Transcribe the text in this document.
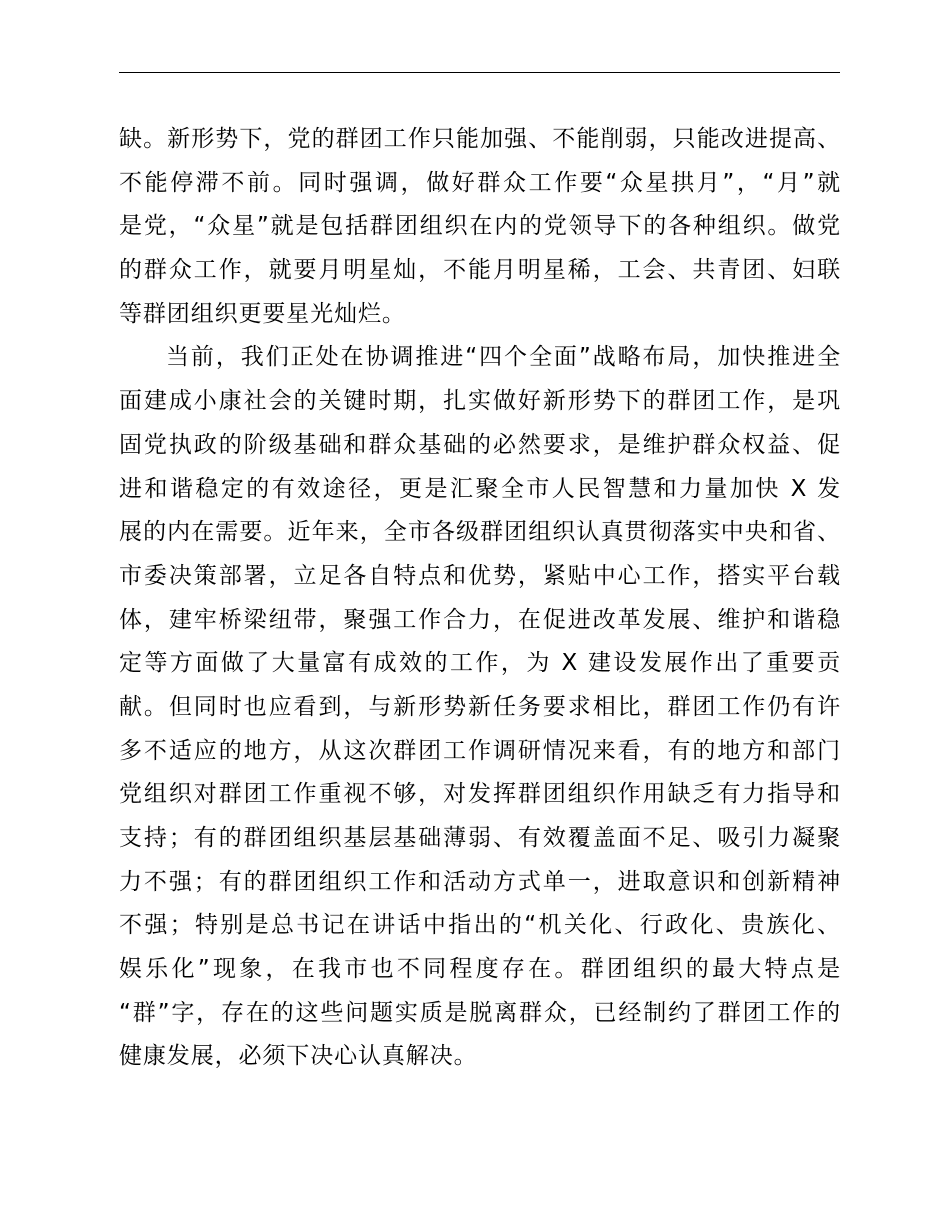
缺。新形势下，党的群团工作只能加强、不能削弱，只能改进提高、
不能停滞不前。同时强调，做好群众工作要“众星拱月”，“月”就
是党，“众星”就是包括群团组织在内的党领导下的各种组织。做党
的群众工作，就要月明星灿，不能月明星稀，工会、共青团、妇联
等群团组织更要星光灿烂。
当前，我们正处在协调推进“四个全面”战略布局，加快推进全
面建成小康社会的关键时期，扎实做好新形势下的群团工作，是巩
固党执政的阶级基础和群众基础的必然要求，是维护群众权益、促
进和谐稳定的有效途径，更是汇聚全市人民智慧和力量加快 X 发
展的内在需要。近年来，全市各级群团组织认真贯彻落实中央和省、
市委决策部署，立足各自特点和优势，紧贴中心工作，搭实平台载
体，建牢桥梁纽带，聚强工作合力，在促进改革发展、维护和谐稳
定等方面做了大量富有成效的工作，为 X 建设发展作出了重要贡
献。但同时也应看到，与新形势新任务要求相比，群团工作仍有许
多不适应的地方，从这次群团工作调研情况来看，有的地方和部门
党组织对群团工作重视不够，对发挥群团组织作用缺乏有力指导和
支持；有的群团组织基层基础薄弱、有效覆盖面不足、吸引力凝聚
力不强；有的群团组织工作和活动方式单一，进取意识和创新精神
不强；特别是总书记在讲话中指出的“机关化、行政化、贵族化、
娱乐化”现象，在我市也不同程度存在。群团组织的最大特点是
“群”字，存在的这些问题实质是脱离群众，已经制约了群团工作的
健康发展，必须下决心认真解决。
